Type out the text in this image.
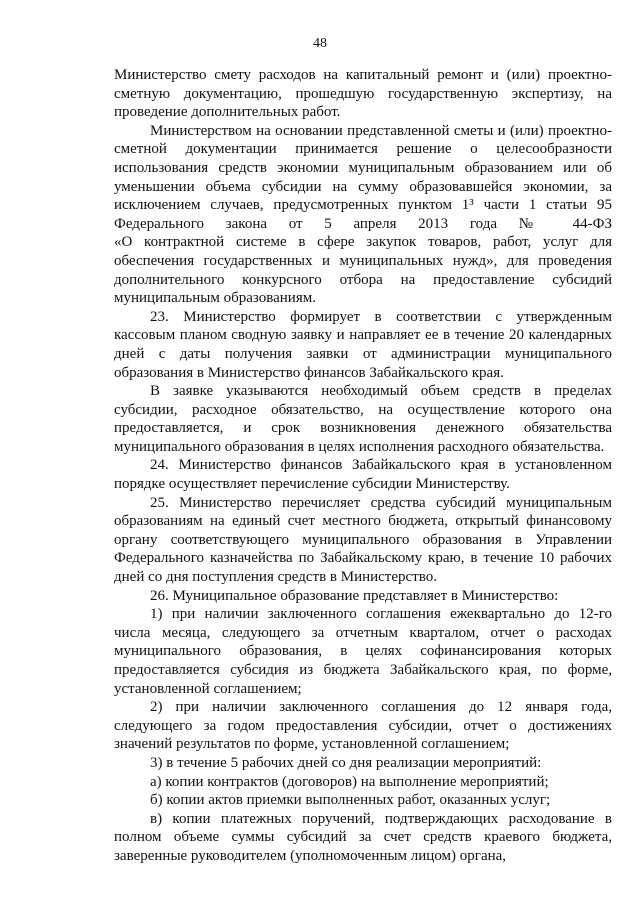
48

Министерство смету расходов на капитальный ремонт и (или) проектно-
сметную документацию, прошедшую государственную экспертизу, на
проведение дополнительных работ.

Министерством на основании представленной сметы и (или) проектно-
сметной документации принимается решение о целесообразности
использования средств экономии муниципальным образованием или об
уменьшении объема субсидии на сумму образовавшейся экономии, за
исключением случаев, предусмотренных пунктом 1³ части 1 статьи 95
Федерального закона от 5 апреля 2013 года № 44-ФЗ
«О контрактной системе в сфере закупок товаров, работ, услуг для
обеспечения государственных и муниципальных нужд», для проведения
дополнительного конкурсного отбора на предоставление субсидий
муниципальным образованиям.

23. Министерство формирует в соответствии с утвержденным
кассовым планом сводную заявку и направляет ее в течение 20 календарных
дней с даты получения заявки от администрации муниципального
образования в Министерство финансов Забайкальского края.

В заявке указываются необходимый объем средств в пределах
субсидии, расходное обязательство, на осуществление которого она
предоставляется, и срок возникновения денежного обязательства
муниципального образования в целях исполнения расходного обязательства.

24. Министерство финансов Забайкальского края в установленном
порядке осуществляет перечисление субсидии Министерству.

25. Министерство перечисляет средства субсидий муниципальным
образованиям на единый счет местного бюджета, открытый финансовому
органу соответствующего муниципального образования в Управлении
Федерального казначейства по Забайкальскому краю, в течение 10 рабочих
дней со дня поступления средств в Министерство.

26. Муниципальное образование представляет в Министерство:

1) при наличии заключенного соглашения ежеквартально до 12-го
числа месяца, следующего за отчетным кварталом, отчет о расходах
муниципального образования, в целях софинансирования которых
предоставляется субсидия из бюджета Забайкальского края, по форме,
установленной соглашением;

2) при наличии заключенного соглашения до 12 января года,
следующего за годом предоставления субсидии, отчет о достижениях
значений результатов по форме, установленной соглашением;

3) в течение 5 рабочих дней со дня реализации мероприятий:

а) копии контрактов (договоров) на выполнение мероприятий;

б) копии актов приемки выполненных работ, оказанных услуг;

в) копии платежных поручений, подтверждающих расходование в
полном объеме суммы субсидий за счет средств краевого бюджета,
заверенные руководителем (уполномоченным лицом) органа,
